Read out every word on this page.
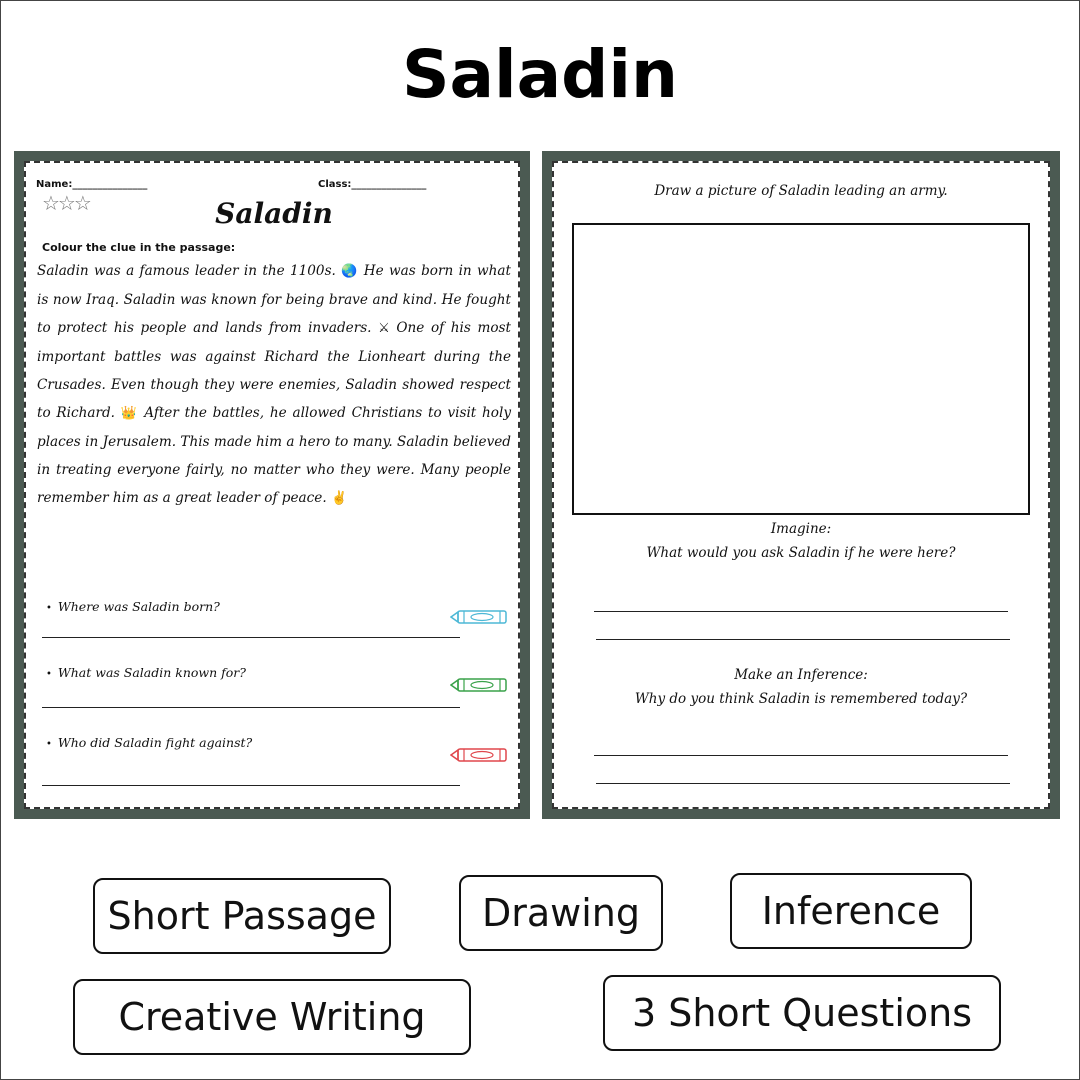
Saladin
Name:_______________	Class:_______________
☆☆☆	Saladin
Colour the clue in the passage:

Saladin was a famous leader in the 1100s. 🌏 He was born in what is now Iraq. Saladin was known for being brave and kind. He fought to protect his people and lands from invaders. ⚔ One of his most important battles was against Richard the Lionheart during the Crusades. Even though they were enemies, Saladin showed respect to Richard. 👑 After the battles, he allowed Christians to visit holy places in Jerusalem. This made him a hero to many. Saladin believed in treating everyone fairly, no matter who they were. Many people remember him as a great leader of peace. ✌

• Where was Saladin born?
• What was Saladin known for?
• Who did Saladin fight against?
Draw a picture of Saladin leading an army.
Imagine:
What would you ask Saladin if he were here?
Make an Inference:
Why do you think Saladin is remembered today?
Short Passage	Drawing	Inference
Creative Writing	3 Short Questions
